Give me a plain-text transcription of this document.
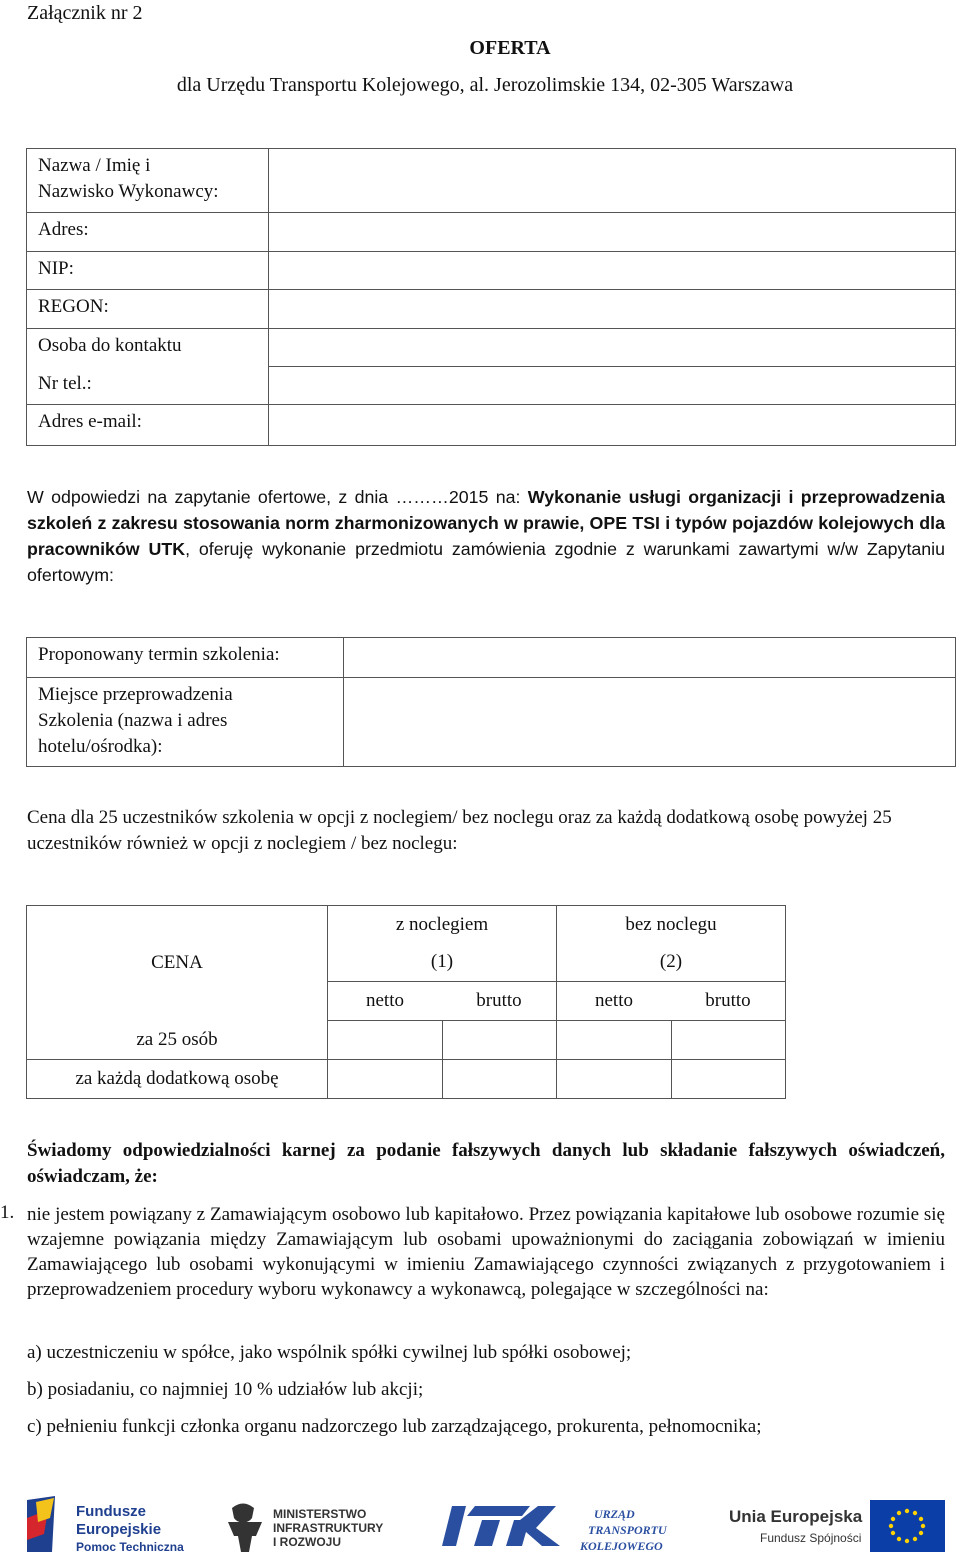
Załącznik nr 2
OFERTA
dla Urzędu Transportu Kolejowego, al. Jerozolimskie 134, 02-305 Warszawa
Nazwa / Imię i
Nazwisko Wykonawcy:	

Adres:	
NIP:	
REGON:	
Osoba do kontaktu	
Nr tel.:	
Adres e-mail:	
W odpowiedzi na zapytanie ofertowe, z dnia ………2015 na: Wykonanie usługi organizacji i przeprowadzenia szkoleń z zakresu stosowania norm zharmonizowanych w prawie, OPE TSI i typów pojazdów kolejowych dla pracowników UTK, oferuję wykonanie przedmiotu zamówienia zgodnie z warunkami zawartymi w/w Zapytaniu ofertowym:
Proponowany termin szkolenia:	

Miejsce przeprowadzenia
Szkolenia (nazwa i adres
hotelu/ośrodka):	

Cena dla 25 uczestników szkolenia w opcji z noclegiem/ bez noclegu oraz za każdą dodatkową osobę powyżej 25 uczestników również w opcji z noclegiem / bez noclegu:
CENA	z noclegiem		bez noclegu	
	(1)		(2)	
	netto	brutto	netto	brutto
za 25 osób				
za każdą dodatkową osobę				
Świadomy odpowiedzialności karnej za podanie fałszywych danych lub składanie fałszywych oświadczeń, oświadczam, że:
1. nie jestem powiązany z Zamawiającym osobowo lub kapitałowo. Przez powiązania kapitałowe lub osobowe rozumie się wzajemne powiązania między Zamawiającym lub osobami upoważnionymi do zaciągania zobowiązań w imieniu Zamawiającego lub osobami wykonującymi w imieniu Zamawiającego czynności związanych z przygotowaniem i przeprowadzeniem procedury wyboru wykonawcy a wykonawcą, polegające w szczególności na:
a) uczestniczeniu w spółce, jako wspólnik spółki cywilnej lub spółki osobowej;
b) posiadaniu, co najmniej 10 % udziałów lub akcji;
c) pełnieniu funkcji członka organu nadzorczego lub zarządzającego, prokurenta, pełnomocnika;
Fundusze
Europejskie
Pomoc Techniczna
MINISTERSTWO
INFRASTRUKTURY
I ROZWOJU
URZĄD
TRANSPORTU
KOLEJOWEGO
Unia Europejska
Fundusz Spójności
